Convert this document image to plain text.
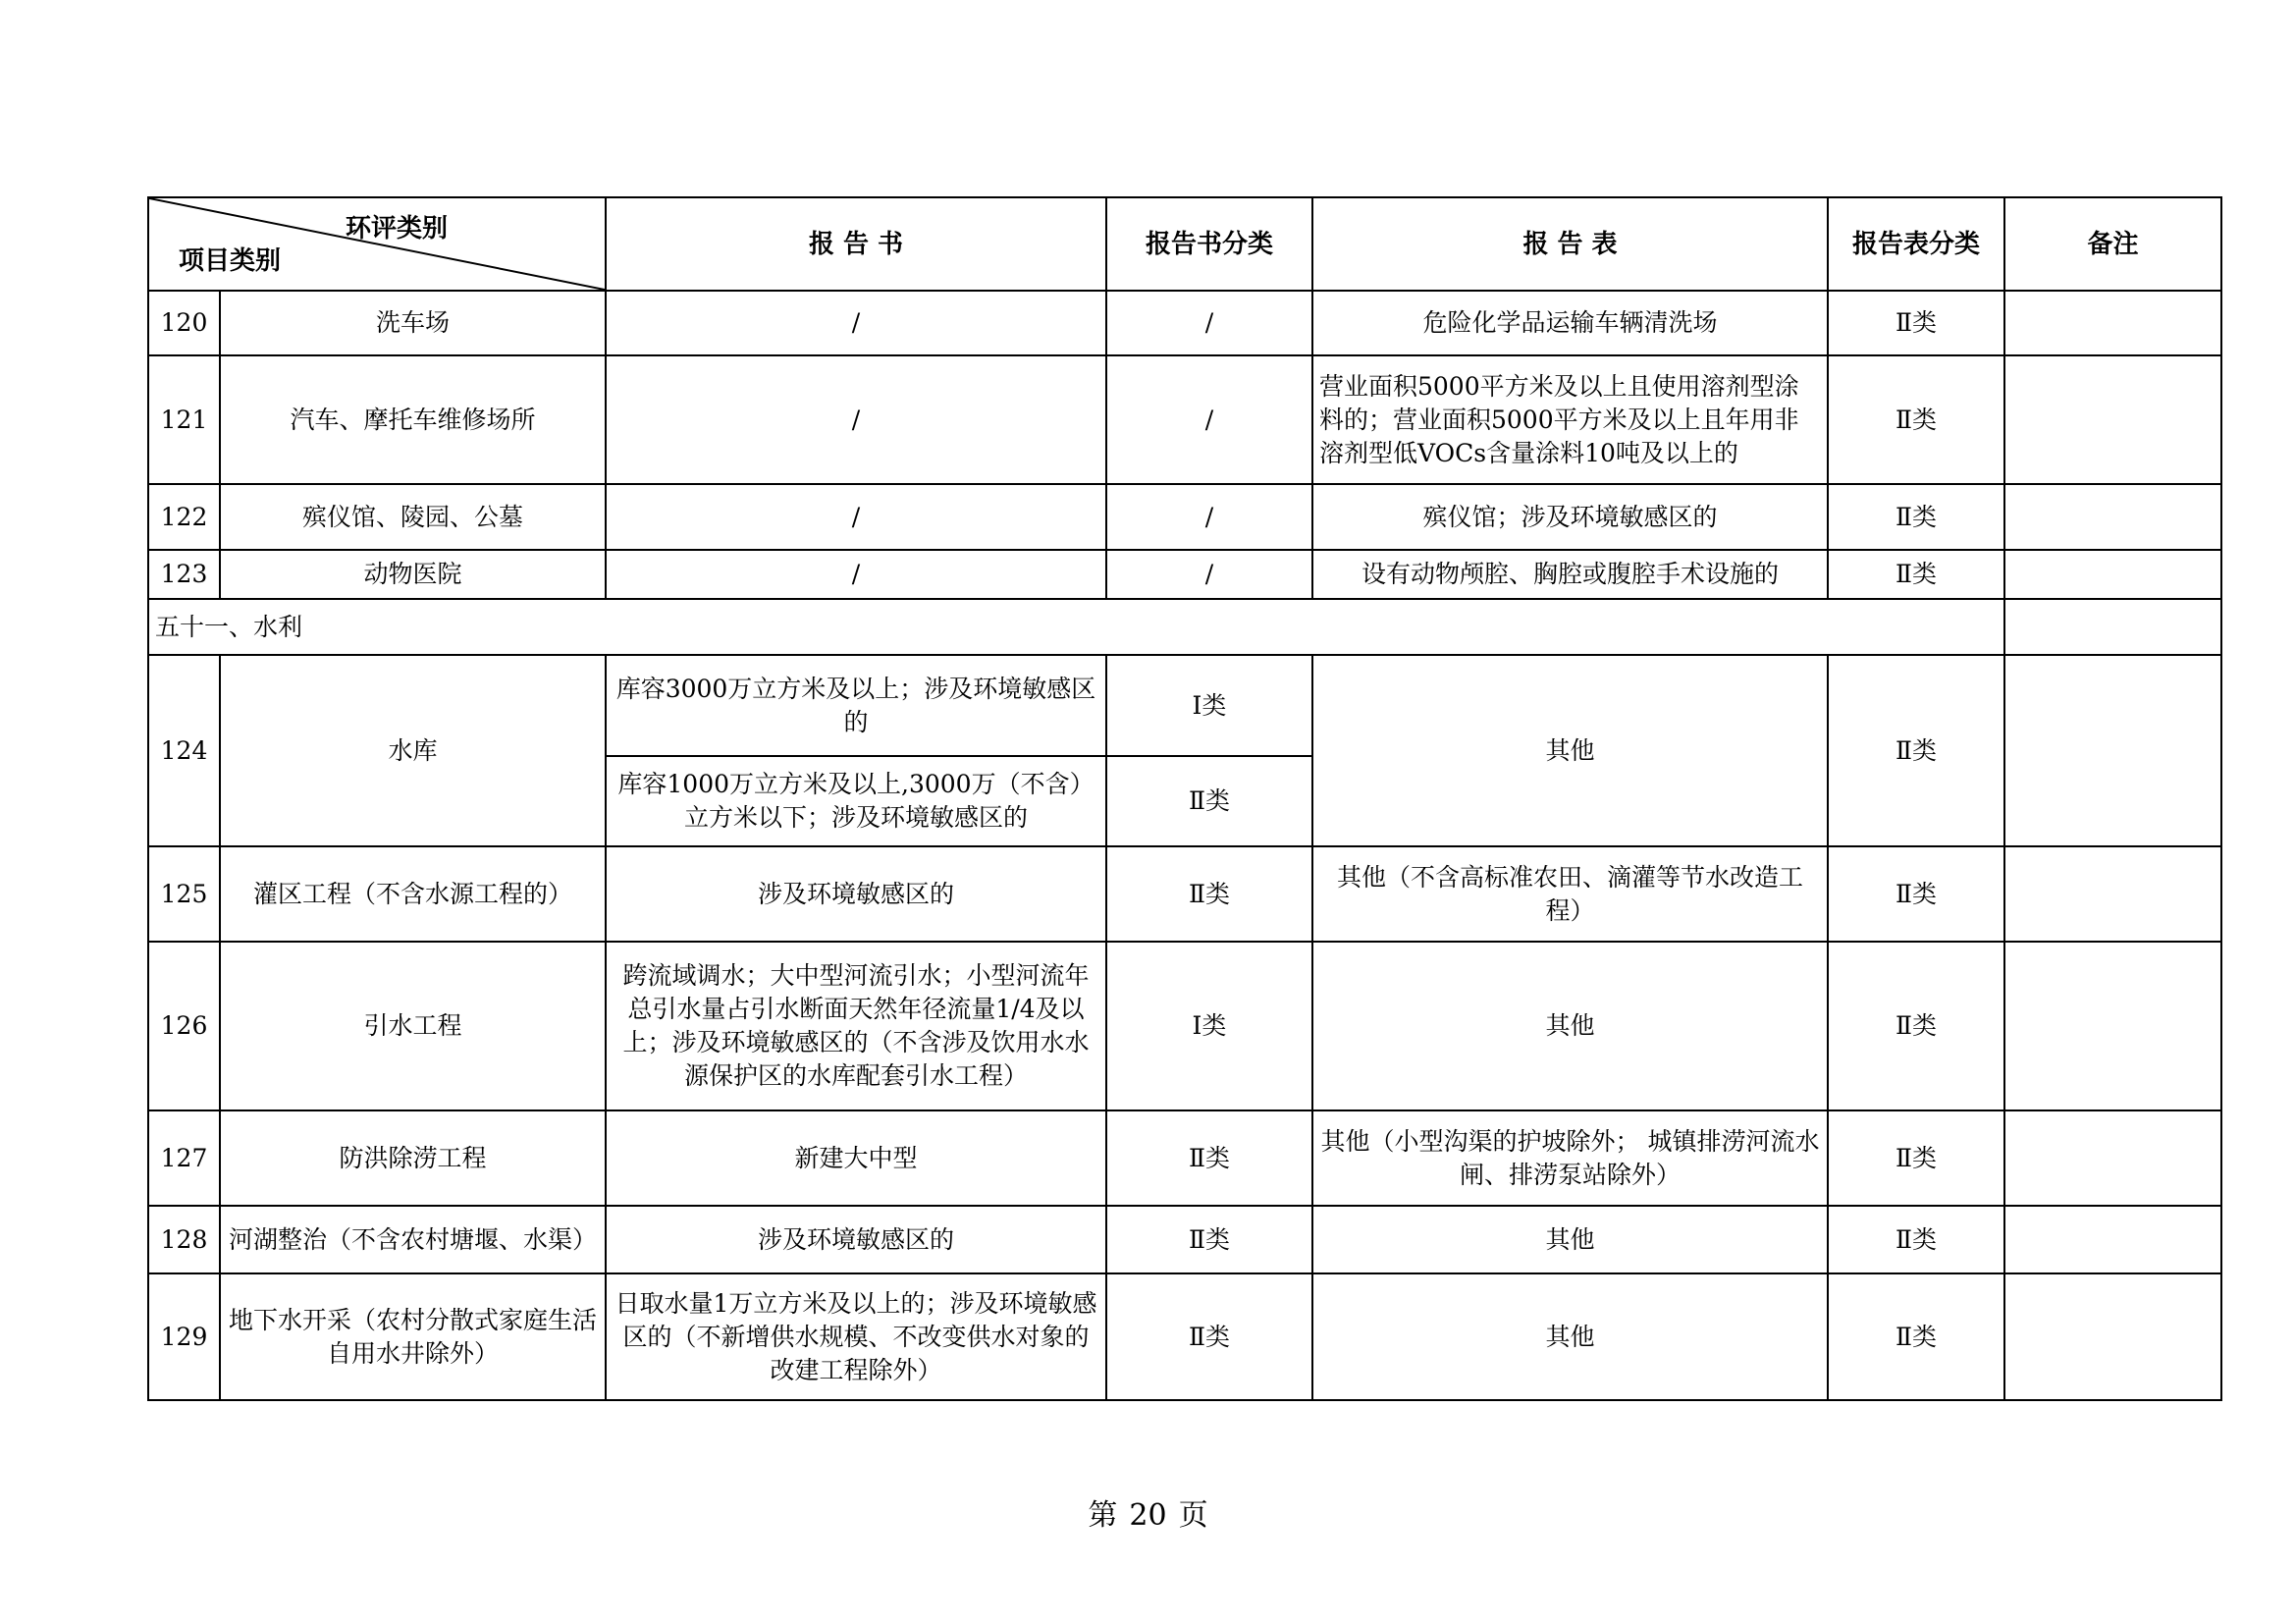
环评类别
项目类别		报 告 书	报告书分类	报 告 表	报告表分类	备注
120	洗车场	/	/	危险化学品运输车辆清洗场	Ⅱ类	
121	汽车、摩托车维修场所	/	/	营业面积5000平方米及以上且使用溶剂型涂料的；营业面积5000平方米及以上且年用非溶剂型低VOCs含量涂料10吨及以上的	Ⅱ类	
122	殡仪馆、陵园、公墓	/	/	殡仪馆；涉及环境敏感区的	Ⅱ类	
123	动物医院	/	/	设有动物颅腔、胸腔或腹腔手术设施的	Ⅱ类	
五十一、水利						
124	水库	库容3000万立方米及以上；涉及环境敏感区的	Ⅰ类	其他	Ⅱ类	
		库容1000万立方米及以上,3000万（不含）立方米以下；涉及环境敏感区的	Ⅱ类			
125	灌区工程（不含水源工程的）	涉及环境敏感区的	Ⅱ类	其他（不含高标准农田、滴灌等节水改造工程）	Ⅱ类	
126	引水工程	跨流域调水；大中型河流引水；小型河流年总引水量占引水断面天然年径流量1/4及以上；涉及环境敏感区的（不含涉及饮用水水源保护区的水库配套引水工程）	Ⅰ类	其他	Ⅱ类	
127	防洪除涝工程	新建大中型	Ⅱ类	其他（小型沟渠的护坡除外； 城镇排涝河流水闸、排涝泵站除外）	Ⅱ类	
128	河湖整治（不含农村塘堰、水渠）	涉及环境敏感区的	Ⅱ类	其他	Ⅱ类	
129	地下水开采（农村分散式家庭生活自用水井除外）	日取水量1万立方米及以上的；涉及环境敏感区的（不新增供水规模、不改变供水对象的改建工程除外）	Ⅱ类	其他	Ⅱ类	
第 20 页
